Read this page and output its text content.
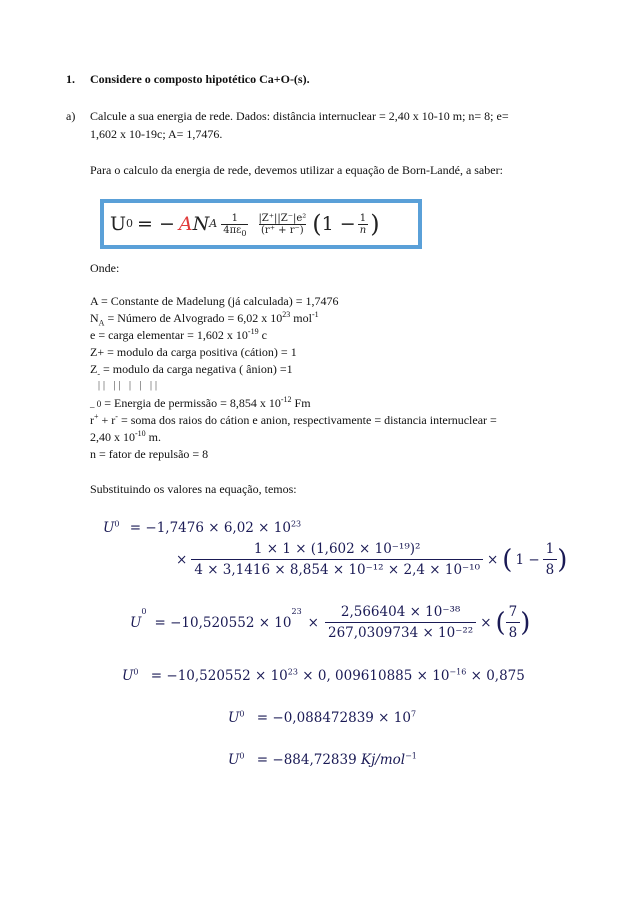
1. Considere o composto hipotético Ca+O-(s).
a) Calcule a sua energia de rede. Dados: distância internuclear = 2,40 x 10-10 m; n= 8; e=
1,602 x 10-19c; A= 1,7476.
Para o calculo da energia de rede, devemos utilizar a equação de Born-Landé, a saber:
U 0 = − A N A $\frac{1}{4\pi\varepsilon_0} \frac{\text{|Z⁺||Z⁻|e²}}{(r^+ + r^-)}$ ( $1 - \frac{1}{n}$ )
Onde:
A = Constante de Madelung (já calculada) = 1,7476
$N_A$ = Número de Alvogrado = 6,02 x $10^{23}$ mol$^{-1}$
e = carga elementar = 1,602 x $10^{-19}$ c
Z+ = modulo da carga positiva (cátion) = 1
$Z_-$ = modulo da carga negativa ( ânion) =1
|| || | | ||
_ 0 = Energia de permissão = 8,854 x $10^{-12}$ Fm
r+ + r- = soma dos raios do cátion e anion, respectivamente = distancia internuclear =
2,40 x $10^{-10}$ m.
n = fator de repulsão = 8
Substituindo os valores na equação, temos:
$U^0 = -1,7476 \times 6,02 \times 10^{23}$
× $\frac{\text{1 × 1 × (1,602 × 10⁻¹⁹)²}}{\text{4 × 3,1416 × 8,854 × 10⁻¹² × 2,4 × 10⁻¹⁰}}$ × ( $1 - \frac{1}{8}$ )
U
0
= −10,520552 × 10
23
× $\frac{\text{2,566404 × 10⁻³⁸}}{\text{267,0309734 × 10⁻²²}}$ × ( $\frac{7}{8}$ )
$U^0 = -10,520552 \times 10^{23} \times 0$, $009610885 \times 10^{-16} \times 0,875$
$U^0 = -0,088472839 \times 10^7$
$U^0 = -884,72839$ Kj/mol$^{-1}$
